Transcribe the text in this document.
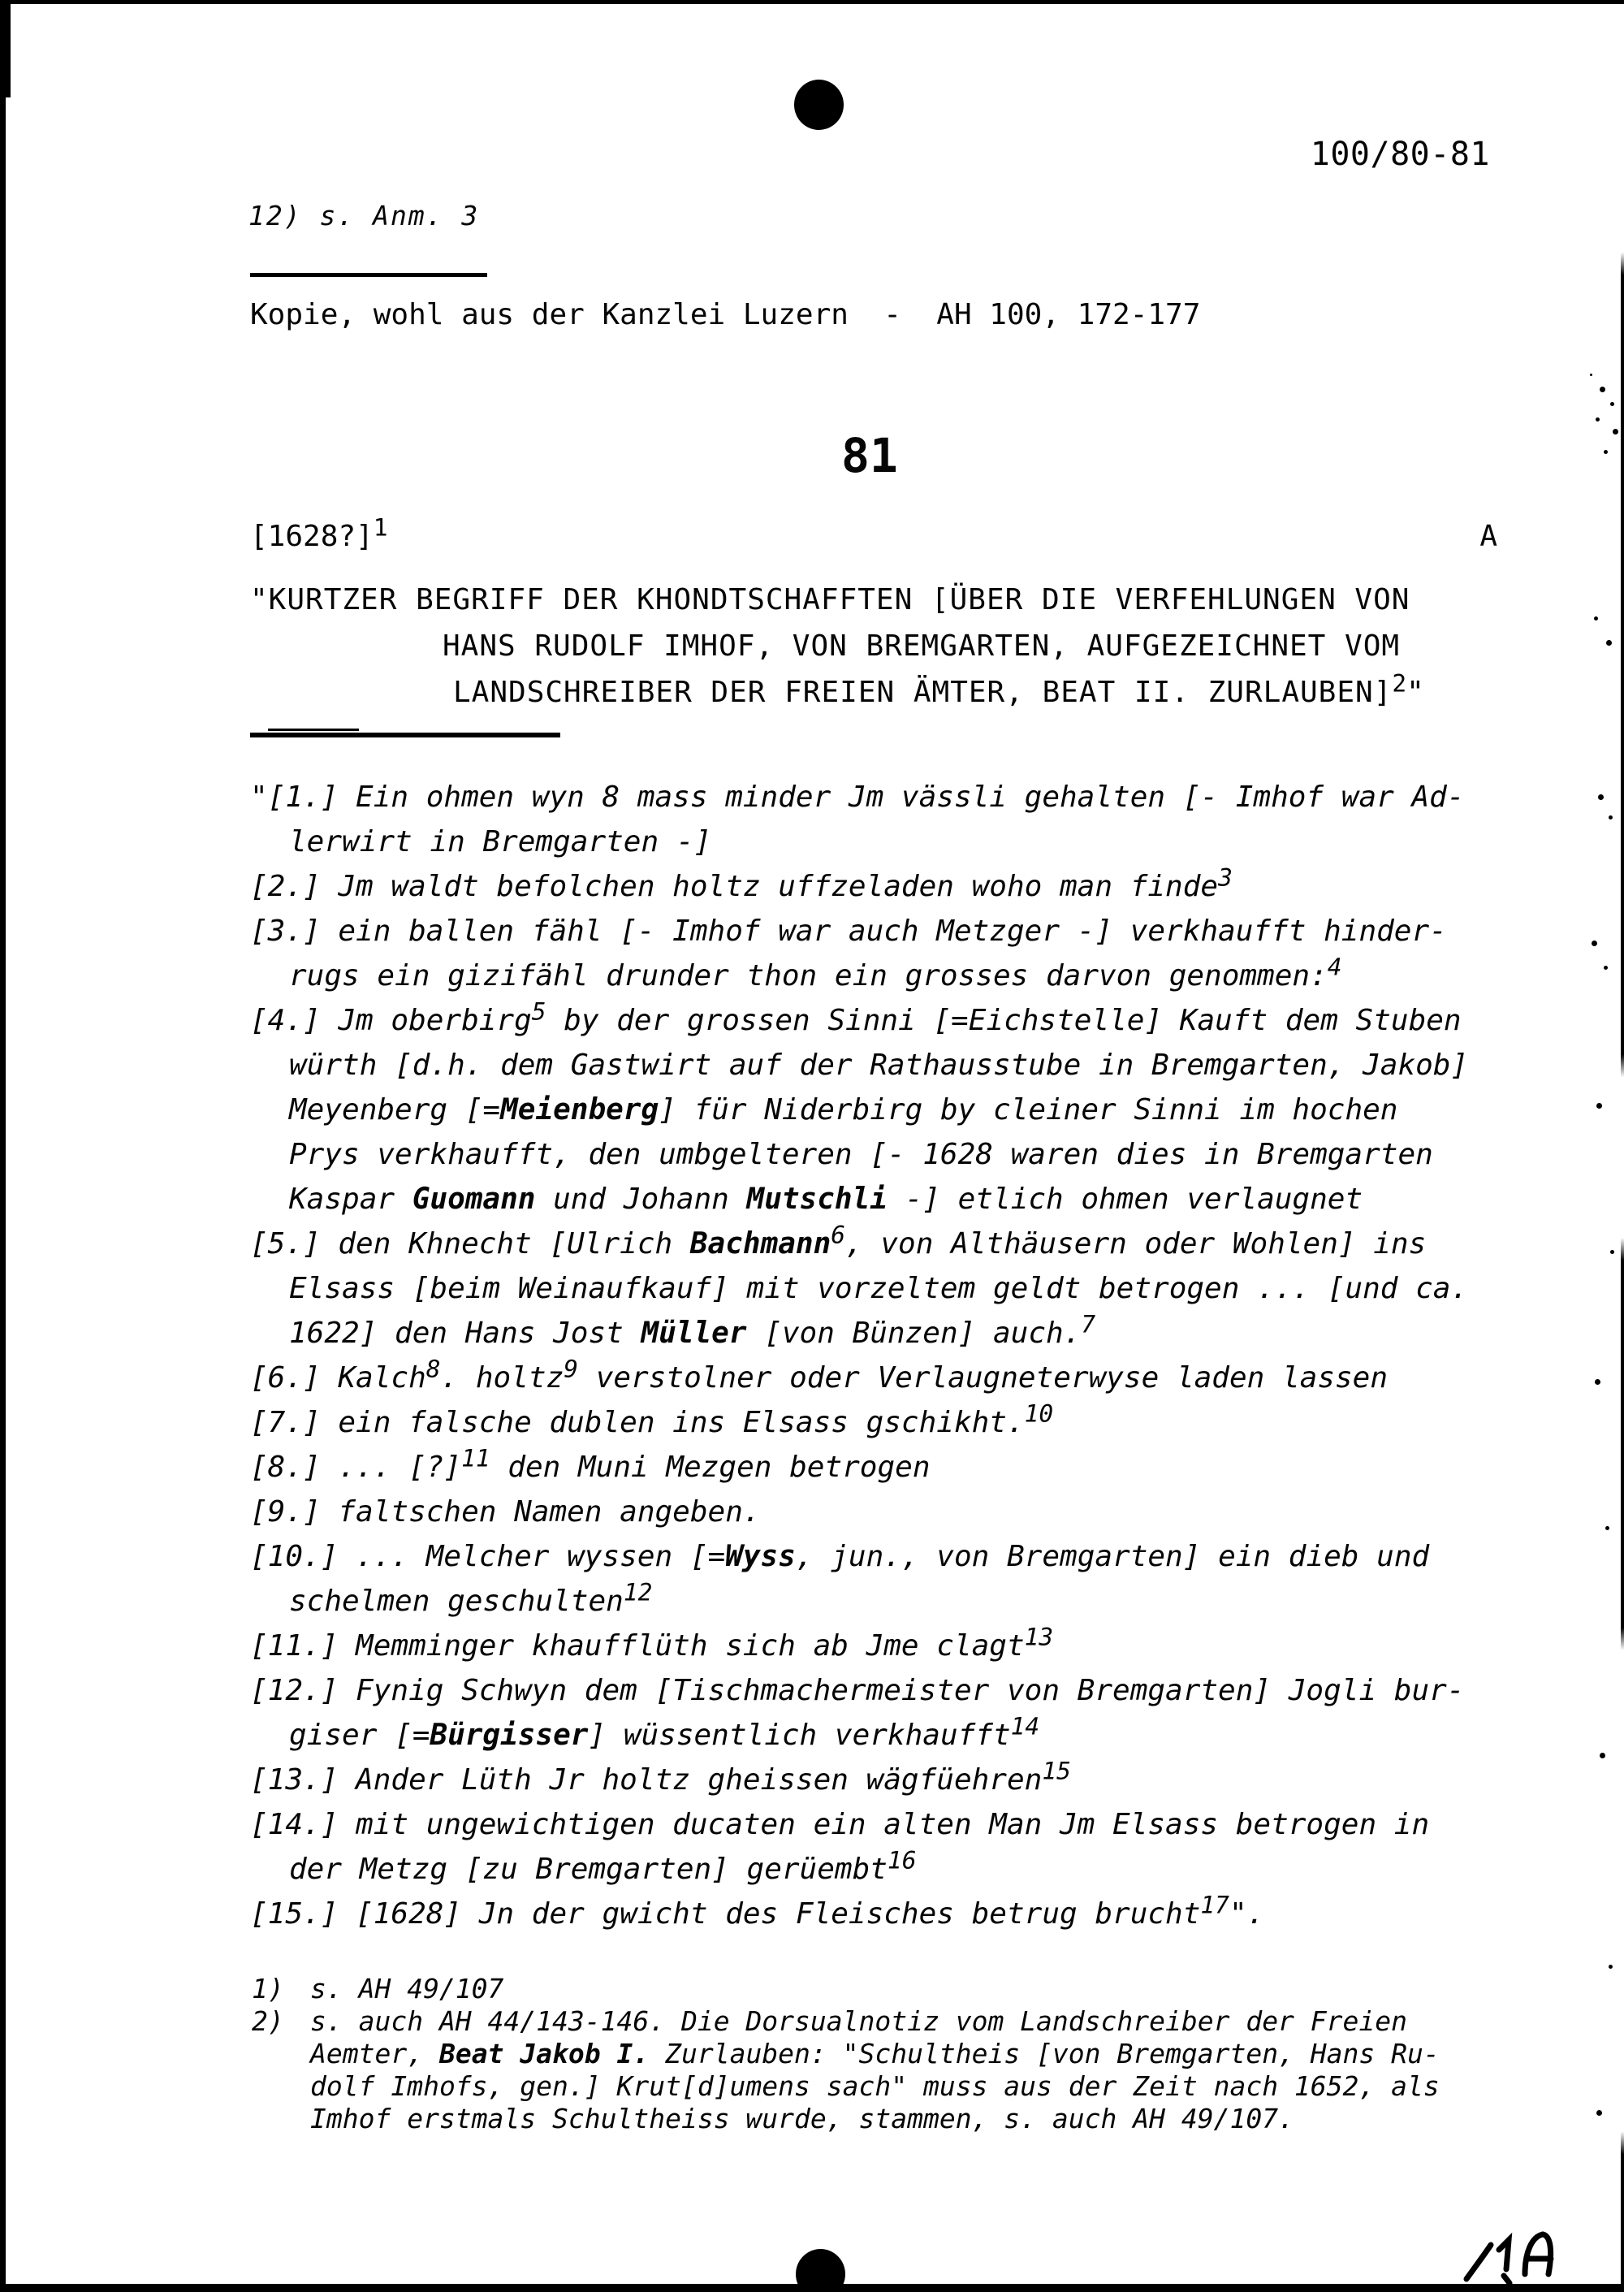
100/80-81
12) s. Anm. 3
Kopie, wohl aus der Kanzlei Luzern  -  AH 100, 172-177
81
[1628?]$^1$	A
"KURTZER BEGRIFF DER KHONDTSCHAFFTEN [ÜBER DIE VERFEHLUNGEN VON
HANS RUDOLF IMHOF, VON BREMGARTEN, AUFGEZEICHNET VOM
LANDSCHREIBER DER FREIEN ÄMTER, BEAT II. ZURLAUBEN]$^2$"
"[1.] Ein ohmen wyn 8 mass minder Jm vässli gehalten [- Imhof war Ad-
lerwirt in Bremgarten -]
[2.] Jm waldt befolchen holtz uffzeladen woho man finde$^3$
[3.] ein ballen fähl [- Imhof war auch Metzger -] verkhaufft hinder-
rugs ein gizifähl drunder thon ein grosses darvon genommen:$^4$
[4.] Jm oberbirg$^5$ by der grossen Sinni [=Eichstelle] Kauft dem Stuben
würth [d.h. dem Gastwirt auf der Rathausstube in Bremgarten, Jakob]
Meyenberg [=Meienberg] für Niderbirg by cleiner Sinni im hochen
Prys verkhaufft, den umbgelteren [- 1628 waren dies in Bremgarten
Kaspar Guomann und Johann Mutschli -] etlich ohmen verlaugnet
[5.] den Khnecht [Ulrich Bachmann$^6$, von Althäusern oder Wohlen] ins
Elsass [beim Weinaufkauf] mit vorzeltem geldt betrogen ... [und ca.
1622] den Hans Jost Müller [von Bünzen] auch.$^7$
[6.] Kalch$^8$. holtz$^9$ verstolner oder Verlaugneterwyse laden lassen
[7.] ein falsche dublen ins Elsass gschikht.$^{10}$
[8.] ... [?]$^{11}$ den Muni Mezgen betrogen
[9.] faltschen Namen angeben.
[10.] ... Melcher wyssen [=Wyss, jun., von Bremgarten] ein dieb und
schelmen geschulten$^{12}$
[11.] Memminger khaufflüth sich ab Jme clagt$^{13}$
[12.] Fynig Schwyn dem [Tischmachermeister von Bremgarten] Jogli bur-
giser [=Bürgisser] wüssentlich verkhaufft$^{14}$
[13.] Ander Lüth Jr holtz gheissen wägfüehren$^{15}$
[14.] mit ungewichtigen ducaten ein alten Man Jm Elsass betrogen in
der Metzg [zu Bremgarten] gerüembt$^{16}$
[15.] [1628] Jn der gwicht des Fleisches betrug brucht$^{17}$".
1) s. AH 49/107
2) s. auch AH 44/143-146. Die Dorsualnotiz vom Landschreiber der Freien
Aemter, Beat Jakob I. Zurlauben: "Schultheis [von Bremgarten, Hans Ru-
dolf Imhofs, gen.] Krut[d]umens sach" muss aus der Zeit nach 1652, als
Imhof erstmals Schultheiss wurde, stammen, s. auch AH 49/107.
